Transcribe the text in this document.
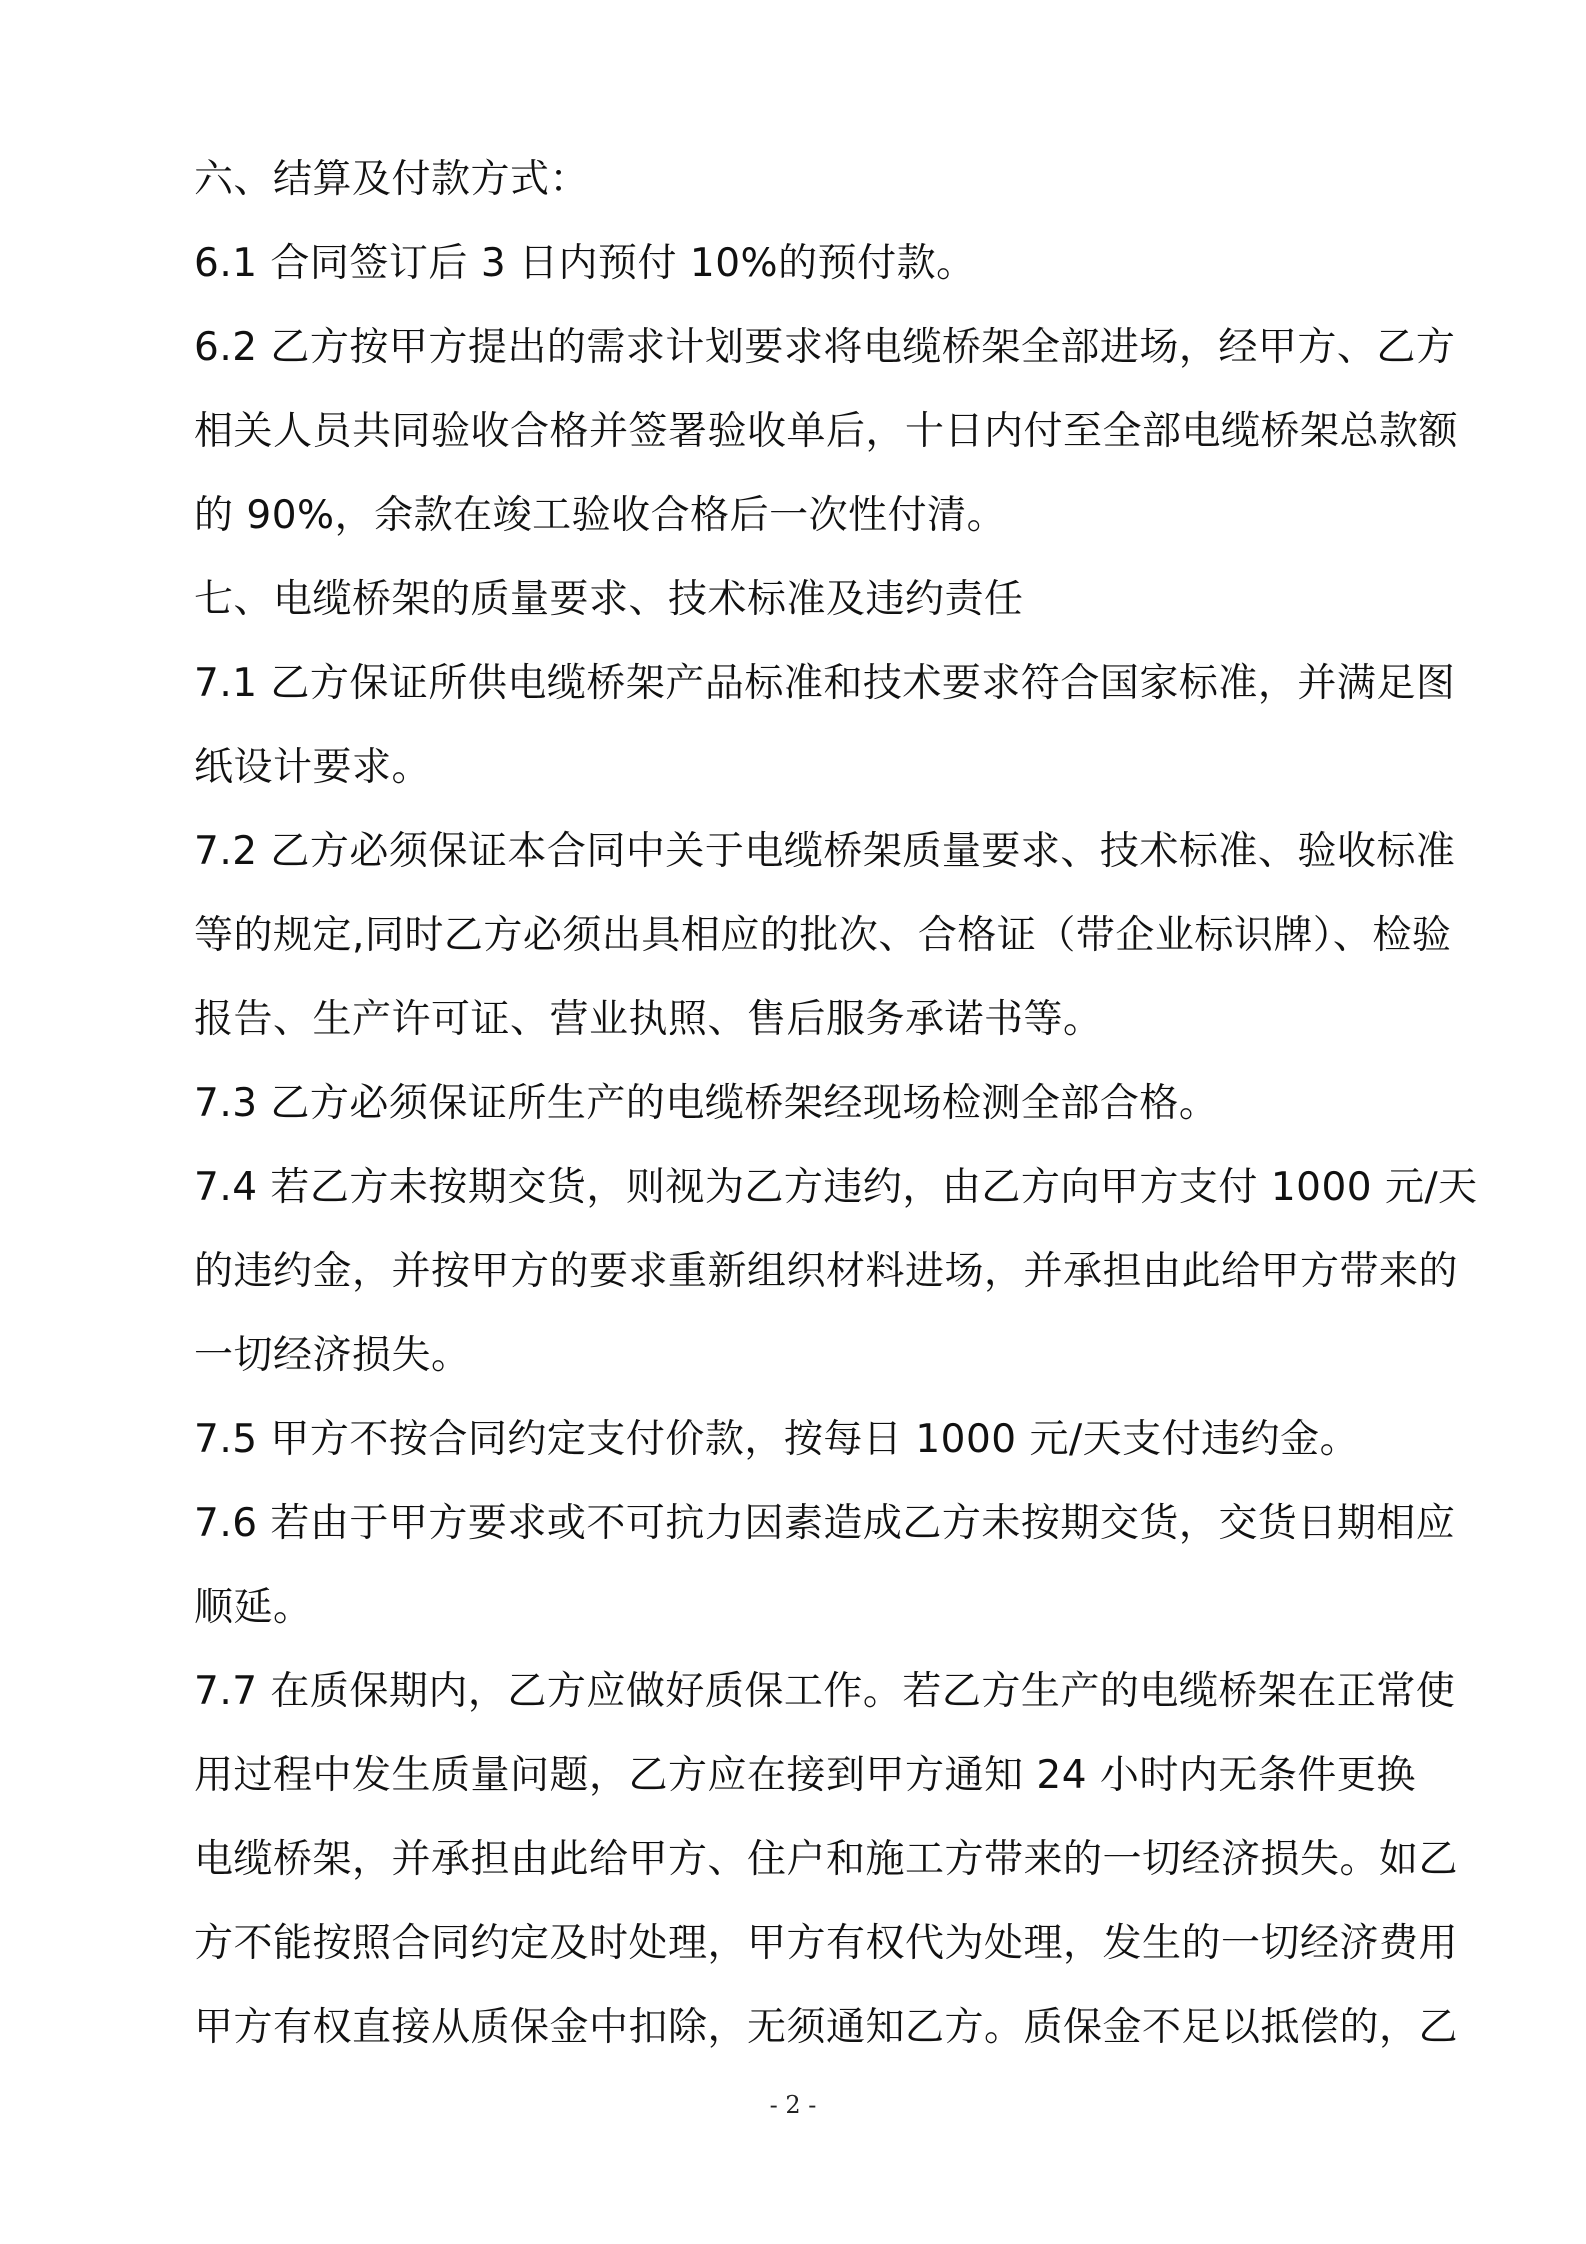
六、结算及付款方式：
6.1 合同签订后 3 日内预付 10%的预付款。
6.2 乙方按甲方提出的需求计划要求将电缆桥架全部进场，经甲方、乙方
相关人员共同验收合格并签署验收单后，十日内付至全部电缆桥架总款额
的 90%，余款在竣工验收合格后一次性付清。
七、电缆桥架的质量要求、技术标准及违约责任
7.1 乙方保证所供电缆桥架产品标准和技术要求符合国家标准，并满足图
纸设计要求。
7.2 乙方必须保证本合同中关于电缆桥架质量要求、技术标准、验收标准
等的规定,同时乙方必须出具相应的批次、合格证（带企业标识牌）、检验
报告、生产许可证、营业执照、售后服务承诺书等。
7.3 乙方必须保证所生产的电缆桥架经现场检测全部合格。
7.4 若乙方未按期交货，则视为乙方违约，由乙方向甲方支付 1000 元/天
的违约金，并按甲方的要求重新组织材料进场，并承担由此给甲方带来的
一切经济损失。
7.5 甲方不按合同约定支付价款，按每日 1000 元/天支付违约金。
7.6 若由于甲方要求或不可抗力因素造成乙方未按期交货，交货日期相应
顺延。
7.7 在质保期内，乙方应做好质保工作。若乙方生产的电缆桥架在正常使
用过程中发生质量问题，乙方应在接到甲方通知 24 小时内无条件更换
电缆桥架，并承担由此给甲方、住户和施工方带来的一切经济损失。如乙
方不能按照合同约定及时处理，甲方有权代为处理，发生的一切经济费用
甲方有权直接从质保金中扣除，无须通知乙方。质保金不足以抵偿的，乙
- 2 -
